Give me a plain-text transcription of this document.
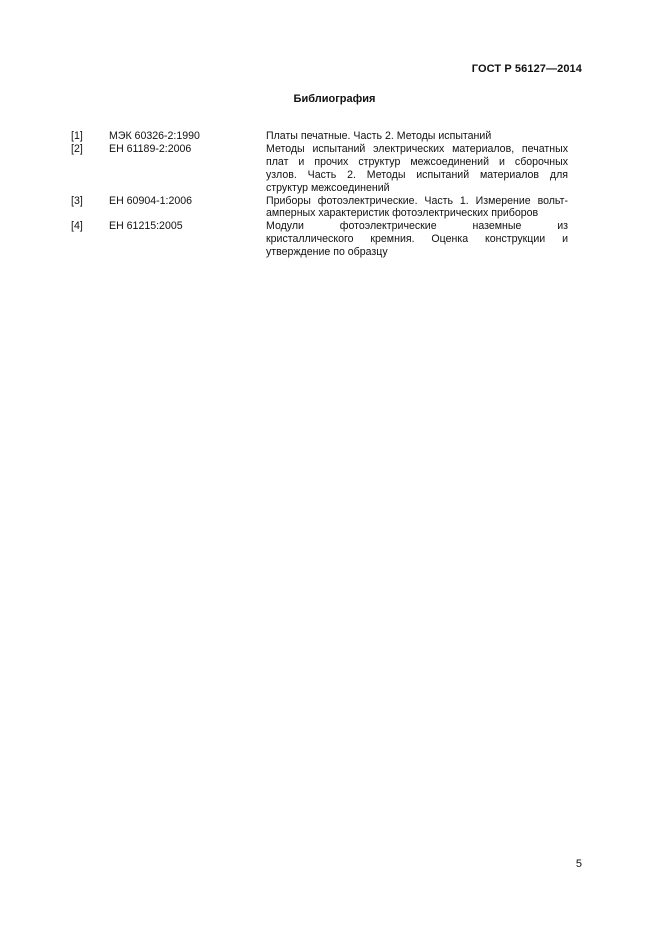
ГОСТ Р 56127—2014
Библиография
[1]	МЭК 60326-2:1990	Платы печатные. Часть 2. Методы испытаний
[2]	ЕН 61189-2:2006	Методы испытаний электрических материалов, печатных
плат и прочих структур межсоединений и сборочных
узлов. Часть 2. Методы испытаний материалов для
структур межсоединений
[3]	ЕН 60904-1:2006	Приборы фотоэлектрические. Часть 1. Измерение вольт-
амперных характеристик фотоэлектрических приборов
[4]	ЕН 61215:2005	Модули фотоэлектрические наземные из
кристаллического кремния. Оценка конструкции и
утверждение по образцу
5
